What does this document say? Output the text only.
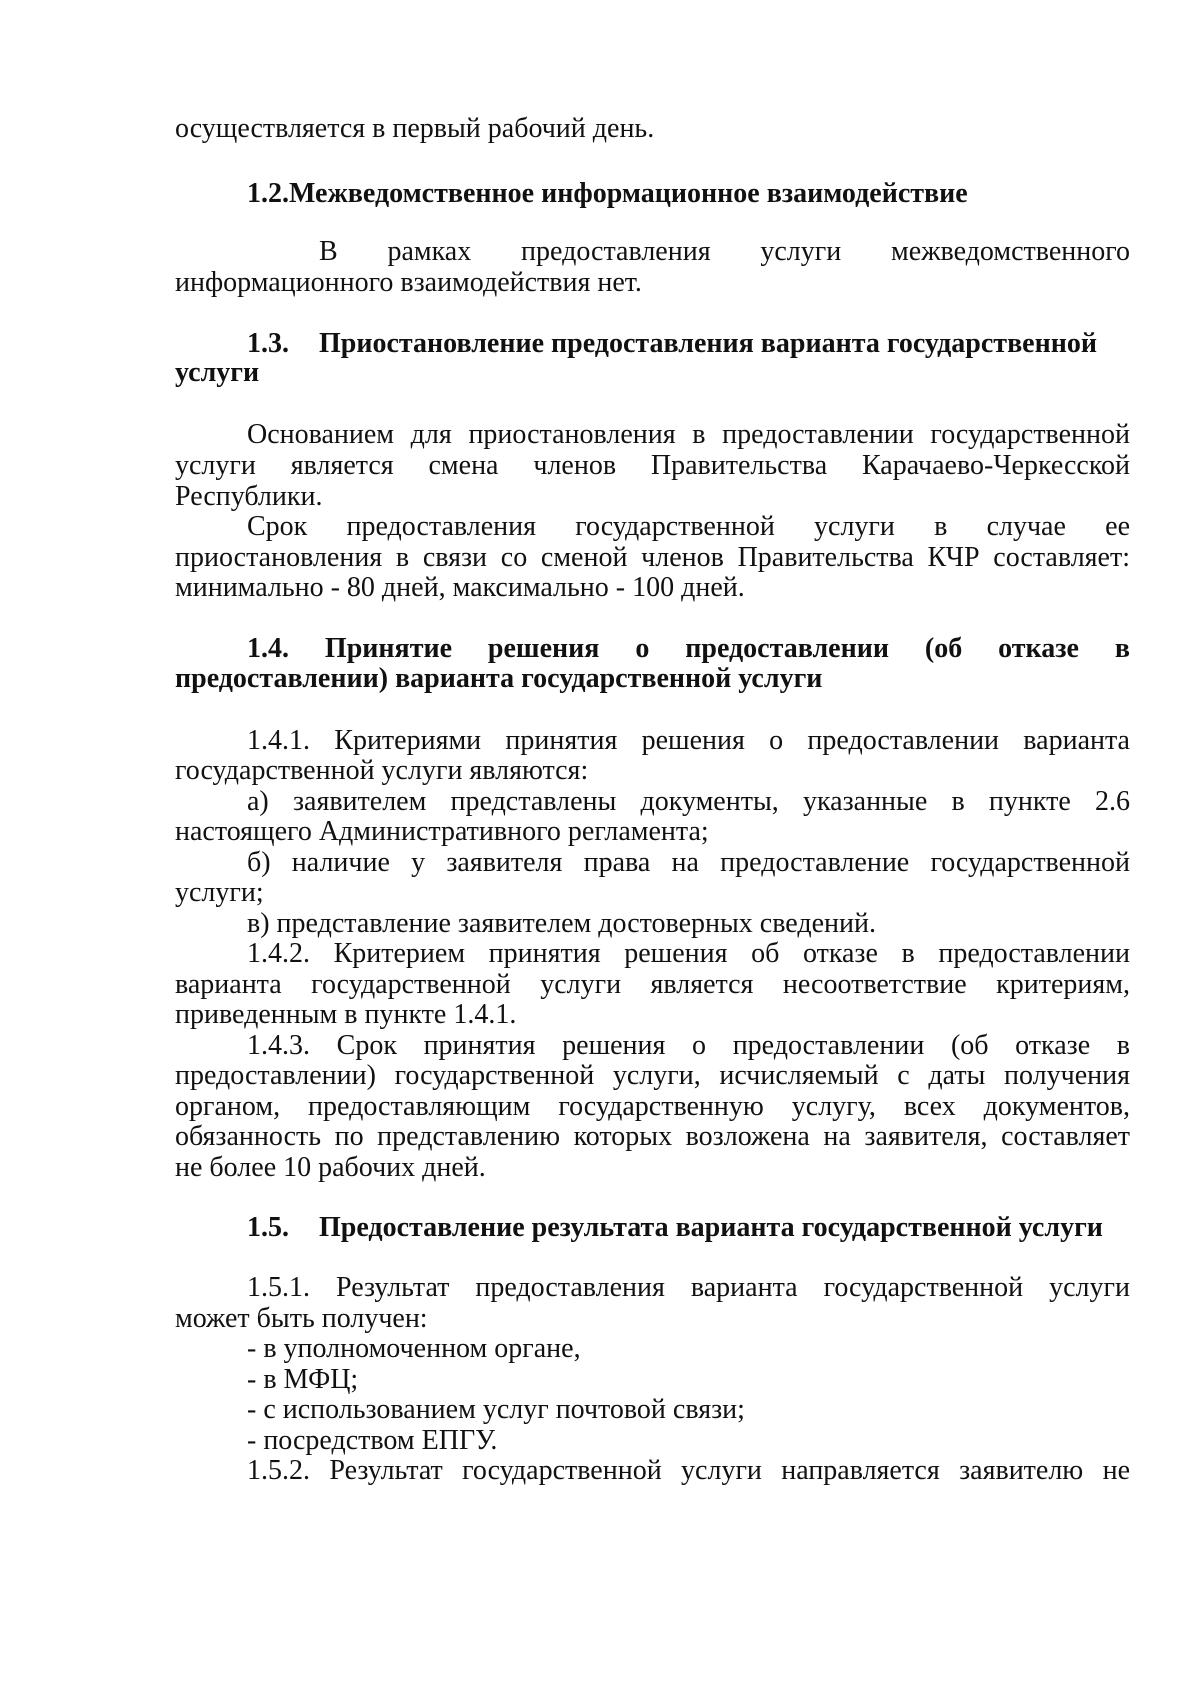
осуществляется в первый рабочий день.
1.2.Межведомственное информационное взаимодействие
В рамках предоставления услуги межведомственного
информационного взаимодействия нет.
1.3. Приостановление предоставления варианта государственной
услуги
Основанием для приостановления в предоставлении государственной
услуги является смена членов Правительства Карачаево-Черкесской
Республики.
Срок предоставления государственной услуги в случае ее
приостановления в связи со сменой членов Правительства КЧР составляет:
минимально - 80 дней, максимально - 100 дней.
1.4. Принятие решения о предоставлении (об отказе в
предоставлении) варианта государственной услуги
1.4.1. Критериями принятия решения о предоставлении варианта
государственной услуги являются:
а) заявителем представлены документы, указанные в пункте 2.6
настоящего Административного регламента;
б) наличие у заявителя права на предоставление государственной
услуги;
в) представление заявителем достоверных сведений.
1.4.2. Критерием принятия решения об отказе в предоставлении
варианта государственной услуги является несоответствие критериям,
приведенным в пункте 1.4.1.
1.4.3. Срок принятия решения о предоставлении (об отказе в
предоставлении) государственной услуги, исчисляемый с даты получения
органом, предоставляющим государственную услугу, всех документов,
обязанность по представлению которых возложена на заявителя, составляет
не более 10 рабочих дней.
1.5. Предоставление результата варианта государственной услуги
1.5.1. Результат предоставления варианта государственной услуги
может быть получен:
- в уполномоченном органе,
- в МФЦ;
- с использованием услуг почтовой связи;
- посредством ЕПГУ.
1.5.2. Результат государственной услуги направляется заявителю не
